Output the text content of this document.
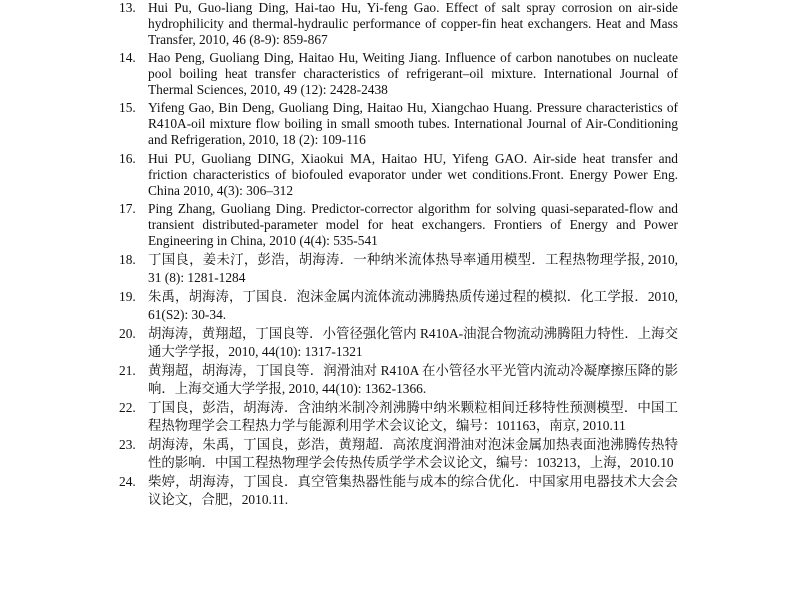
13. Hui Pu, Guo-liang Ding, Hai-tao Hu, Yi-feng Gao. Effect of salt spray corrosion on air-side hydrophilicity and thermal-hydraulic performance of copper-fin heat exchangers. Heat and Mass Transfer, 2010, 46 (8-9): 859-867
14. Hao Peng, Guoliang Ding, Haitao Hu, Weiting Jiang. Influence of carbon nanotubes on nucleate pool boiling heat transfer characteristics of refrigerant–oil mixture. International Journal of Thermal Sciences, 2010, 49 (12): 2428-2438
15. Yifeng Gao, Bin Deng, Guoliang Ding, Haitao Hu, Xiangchao Huang. Pressure characteristics of R410A-oil mixture flow boiling in small smooth tubes. International Journal of Air-Conditioning and Refrigeration, 2010, 18 (2): 109-116
16. Hui PU, Guoliang DING, Xiaokui MA, Haitao HU, Yifeng GAO. Air-side heat transfer and friction characteristics of biofouled evaporator under wet conditions.Front. Energy Power Eng. China 2010, 4(3): 306–312
17. Ping Zhang, Guoliang Ding. Predictor-corrector algorithm for solving quasi-separated-flow and transient distributed-parameter model for heat exchangers. Frontiers of Energy and Power Engineering in China, 2010 (4(4): 535-541
18. 丁国良，姜未汀，彭浩，胡海涛．一种纳米流体热导率通用模型．工程热物理学报, 2010, 31 (8): 1281-1284
19. 朱禹，胡海涛，丁国良．泡沫金属内流体流动沸腾热质传递过程的模拟．化工学报．2010, 61(S2): 30-34.
20. 胡海涛，黄翔超，丁国良等．小管径强化管内 R410A-油混合物流动沸腾阻力特性．上海交通大学学报，2010, 44(10): 1317-1321
21. 黄翔超，胡海涛，丁国良等．润滑油对 R410A 在小管径水平光管内流动冷凝摩擦压降的影响．上海交通大学学报, 2010, 44(10): 1362-1366.
22. 丁国良，彭浩，胡海涛．含油纳米制冷剂沸腾中纳米颗粒相间迁移特性预测模型．中国工程热物理学会工程热力学与能源利用学术会议论文，编号：101163，南京, 2010.11
23. 胡海涛，朱禹，丁国良，彭浩，黄翔超．高浓度润滑油对泡沫金属加热表面池沸腾传热特性的影响．中国工程热物理学会传热传质学学术会议论文，编号：103213，上海，2010.10
24. 柴婷，胡海涛，丁国良．真空管集热器性能与成本的综合优化．中国家用电器技术大会会议论文，合肥，2010.11.
